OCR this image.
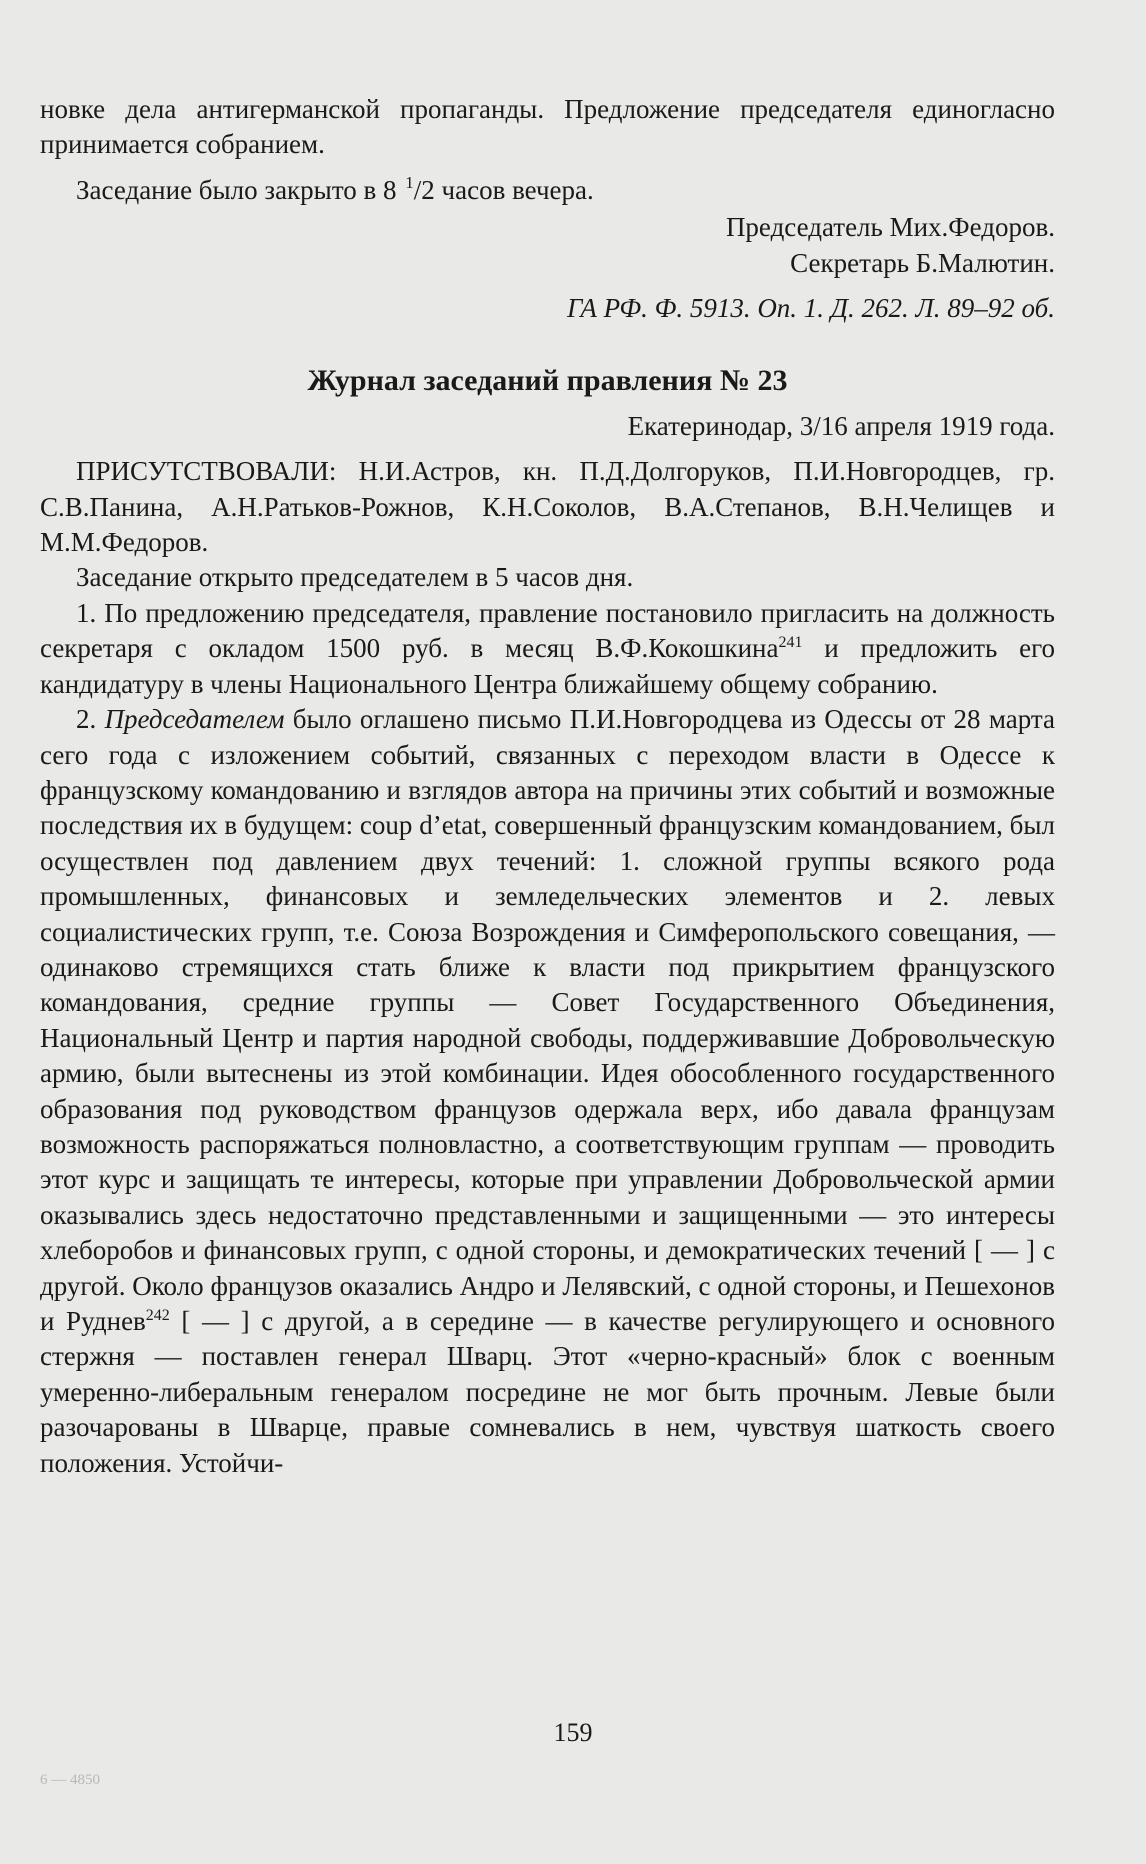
новке дела антигерманской пропаганды. Предложение председателя единогласно принимается собранием.

Заседание было закрыто в 8 $^1$/2 часов вечера.

Председатель Мих.Федоров.

Секретарь Б.Малютин.

ГА РФ. Ф. 5913. Оп. 1. Д. 262. Л. 89–92 об.

Журнал заседаний правления № 23

Екатеринодар, 3/16 апреля 1919 года.

ПРИСУТСТВОВАЛИ: Н.И.Астров, кн. П.Д.Долгоруков, П.И.Новгородцев, гр. С.В.Панина, А.Н.Ратьков-Рожнов, К.Н.Соколов, В.А.Степанов, В.Н.Челищев и М.М.Федоров.

Заседание открыто председателем в 5 часов дня.

1. По предложению председателя, правление постановило пригласить на должность секретаря с окладом 1500 руб. в месяц В.Ф.Кокошкина$^{241}$ и предложить его кандидатуру в члены Национального Центра ближайшему общему собранию.

2. Председателем было оглашено письмо П.И.Новгородцева из Одессы от 28 марта сего года с изложением событий, связанных с переходом власти в Одессе к французскому командованию и взглядов автора на причины этих событий и возможные последствия их в будущем: coup d’etat, совершенный французским командованием, был осуществлен под давлением двух течений: 1. сложной группы всякого рода промышленных, финансовых и земледельческих элементов и 2. левых социалистических групп, т.е. Союза Возрождения и Симферопольского совещания, — одинаково стремящихся стать ближе к власти под прикрытием французского командования, средние группы — Совет Государственного Объединения, Национальный Центр и партия народной свободы, поддерживавшие Добровольческую армию, были вытеснены из этой комбинации. Идея обособленного государственного образования под руководством французов одержала верх, ибо давала французам возможность распоряжаться полновластно, а соответствующим группам — проводить этот курс и защищать те интересы, которые при управлении Добровольческой армии оказывались здесь недостаточно представленными и защищенными — это интересы хлеборобов и финансовых групп, с одной стороны, и демократических течений [ — ] с другой. Около французов оказались Андро и Лелявский, с одной стороны, и Пешехонов и Руднев$^{242}$ [ — ] с другой, а в середине — в качестве регулирующего и основного стержня — поставлен генерал Шварц. Этот «черно-красный» блок с военным умеренно-либеральным генералом посредине не мог быть прочным. Левые были разочарованы в Шварце, правые сомневались в нем, чувствуя шаткость своего положения. Устойчи-

159
6 — 4850
